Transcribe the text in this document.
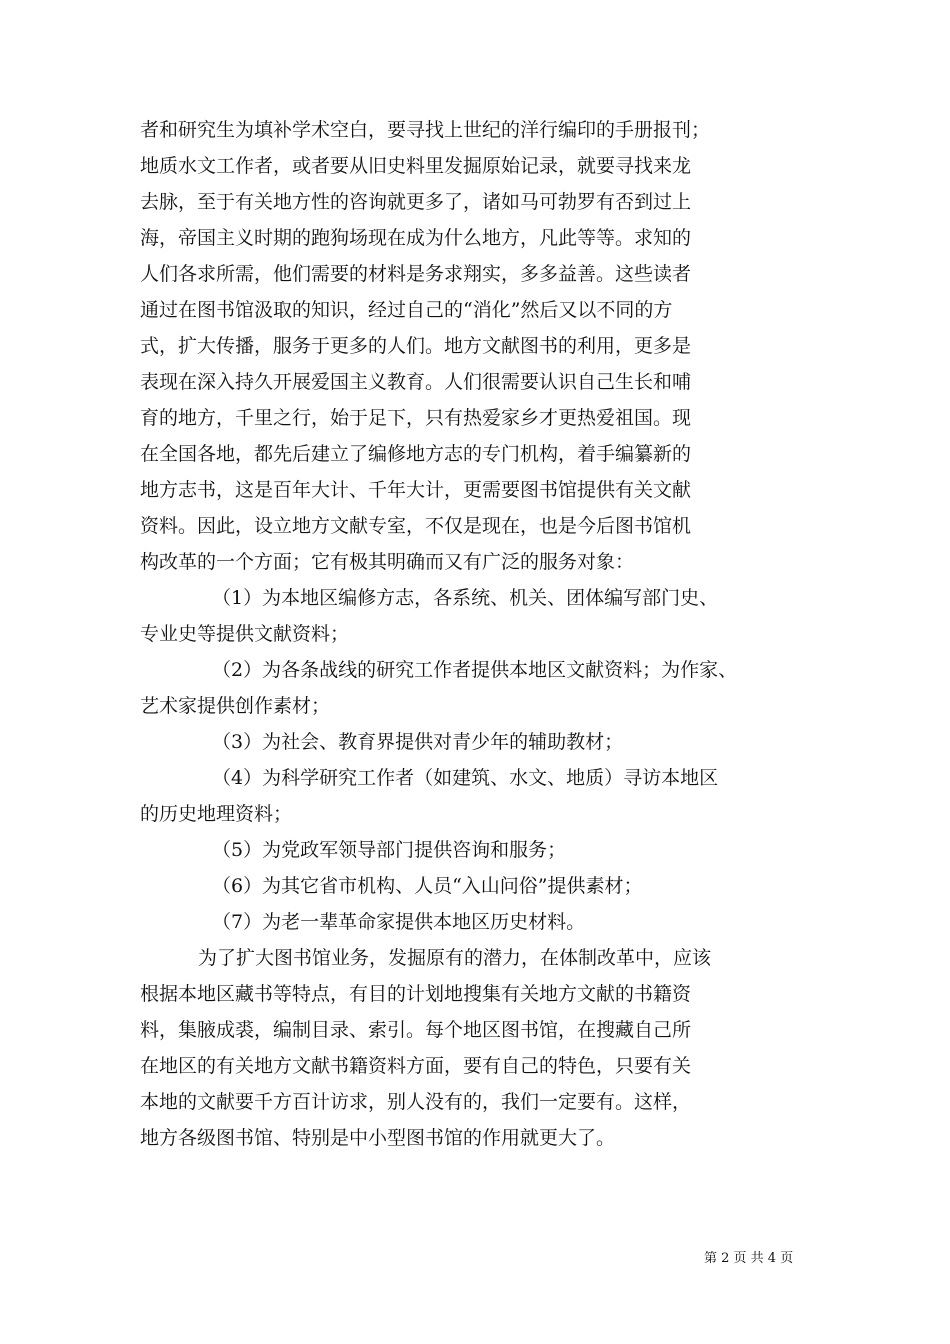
者和研究生为填补学术空白，要寻找上世纪的洋行编印的手册报刊；
地质水文工作者，或者要从旧史料里发掘原始记录，就要寻找来龙
去脉，至于有关地方性的咨询就更多了，诸如马可勃罗有否到过上
海，帝国主义时期的跑狗场现在成为什么地方，凡此等等。求知的
人们各求所需，他们需要的材料是务求翔实，多多益善。这些读者
通过在图书馆汲取的知识，经过自己的“消化”然后又以不同的方
式，扩大传播，服务于更多的人们。地方文献图书的利用，更多是
表现在深入持久开展爱国主义教育。人们很需要认识自己生长和哺
育的地方，千里之行，始于足下，只有热爱家乡才更热爱祖国。现
在全国各地，都先后建立了编修地方志的专门机构，着手编纂新的
地方志书，这是百年大计、千年大计，更需要图书馆提供有关文献
资料。因此，设立地方文献专室，不仅是现在，也是今后图书馆机
构改革的一个方面；它有极其明确而又有广泛的服务对象：
（1）为本地区编修方志，各系统、机关、团体编写部门史、
专业史等提供文献资料；
（2）为各条战线的研究工作者提供本地区文献资料；为作家、
艺术家提供创作素材；
（3）为社会、教育界提供对青少年的辅助教材；
（4）为科学研究工作者（如建筑、水文、地质）寻访本地区
的历史地理资料；
（5）为党政军领导部门提供咨询和服务；
（6）为其它省市机构、人员“入山问俗”提供素材；
（7）为老一辈革命家提供本地区历史材料。
为了扩大图书馆业务，发掘原有的潜力，在体制改革中，应该
根据本地区藏书等特点，有目的计划地搜集有关地方文献的书籍资
料，集腋成裘，编制目录、索引。每个地区图书馆，在搜藏自己所
在地区的有关地方文献书籍资料方面，要有自己的特色，只要有关
本地的文献要千方百计访求，别人没有的，我们一定要有。这样，
地方各级图书馆、特别是中小型图书馆的作用就更大了。
第 2 页 共 4 页
